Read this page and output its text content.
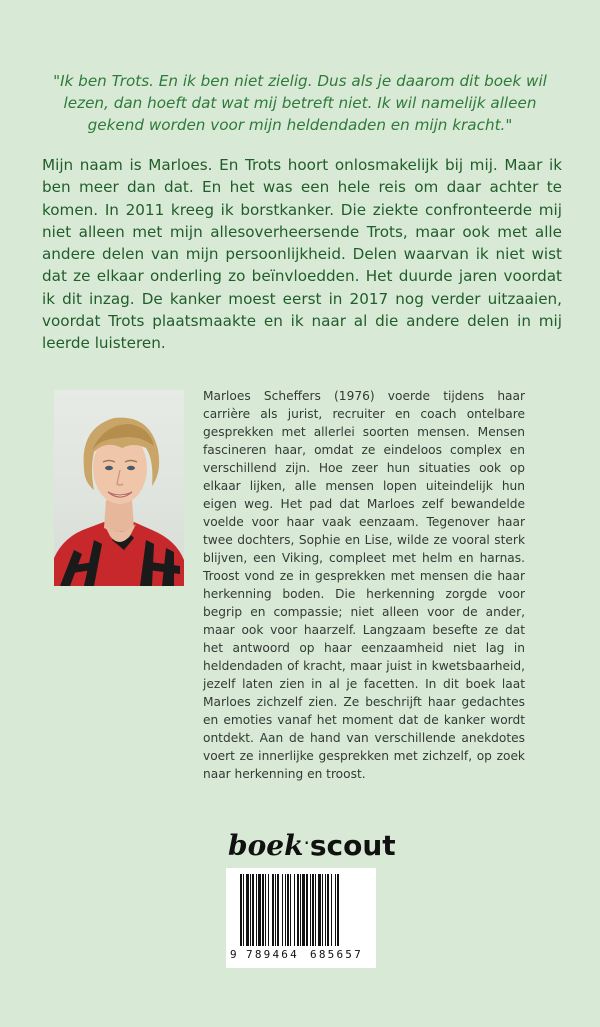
"Ik ben Trots. En ik ben niet zielig. Dus als je daarom dit boek wil lezen, dan hoeft dat wat mij betreft niet. Ik wil namelijk alleen gekend worden voor mijn heldendaden en mijn kracht."
Mijn naam is Marloes. En Trots hoort onlosmakelijk bij mij. Maar ik ben meer dan dat. En het was een hele reis om daar achter te komen. In 2011 kreeg ik borstkanker. Die ziekte confronteerde mij niet alleen met mijn allesoverheersende Trots, maar ook met alle andere delen van mijn persoonlijkheid. Delen waarvan ik niet wist dat ze elkaar onderling zo beïnvloedden. Het duurde jaren voordat ik dit inzag. De kanker moest eerst in 2017 nog verder uitzaaien, voordat Trots plaatsmaakte en ik naar al die andere delen in mij leerde luisteren.
Marloes Scheffers (1976) voerde tijdens haar carrière als jurist, recruiter en coach ontelbare gesprekken met allerlei soorten mensen. Mensen fascineren haar, omdat ze eindeloos complex en verschillend zijn. Hoe zeer hun situaties ook op elkaar lijken, alle mensen lopen uiteindelijk hun eigen weg. Het pad dat Marloes zelf bewandelde voelde voor haar vaak eenzaam. Tegenover haar twee dochters, Sophie en Lise, wilde ze vooral sterk blijven, een Viking, compleet met helm en harnas. Troost vond ze in gesprekken met mensen die haar herkenning boden. Die herkenning zorgde voor begrip en compassie; niet alleen voor de ander, maar ook voor haarzelf. Langzaam besefte ze dat het antwoord op haar eenzaamheid niet lag in heldendaden of kracht, maar juist in kwetsbaarheid, jezelf laten zien in al je facetten. In dit boek laat Marloes zichzelf zien. Ze beschrijft haar gedachtes en emoties vanaf het moment dat de kanker wordt ontdekt. Aan de hand van verschillende anekdotes voert ze innerlijke gesprekken met zichzelf, op zoek naar herkenning en troost.
boek·scout
9 789464 685657
